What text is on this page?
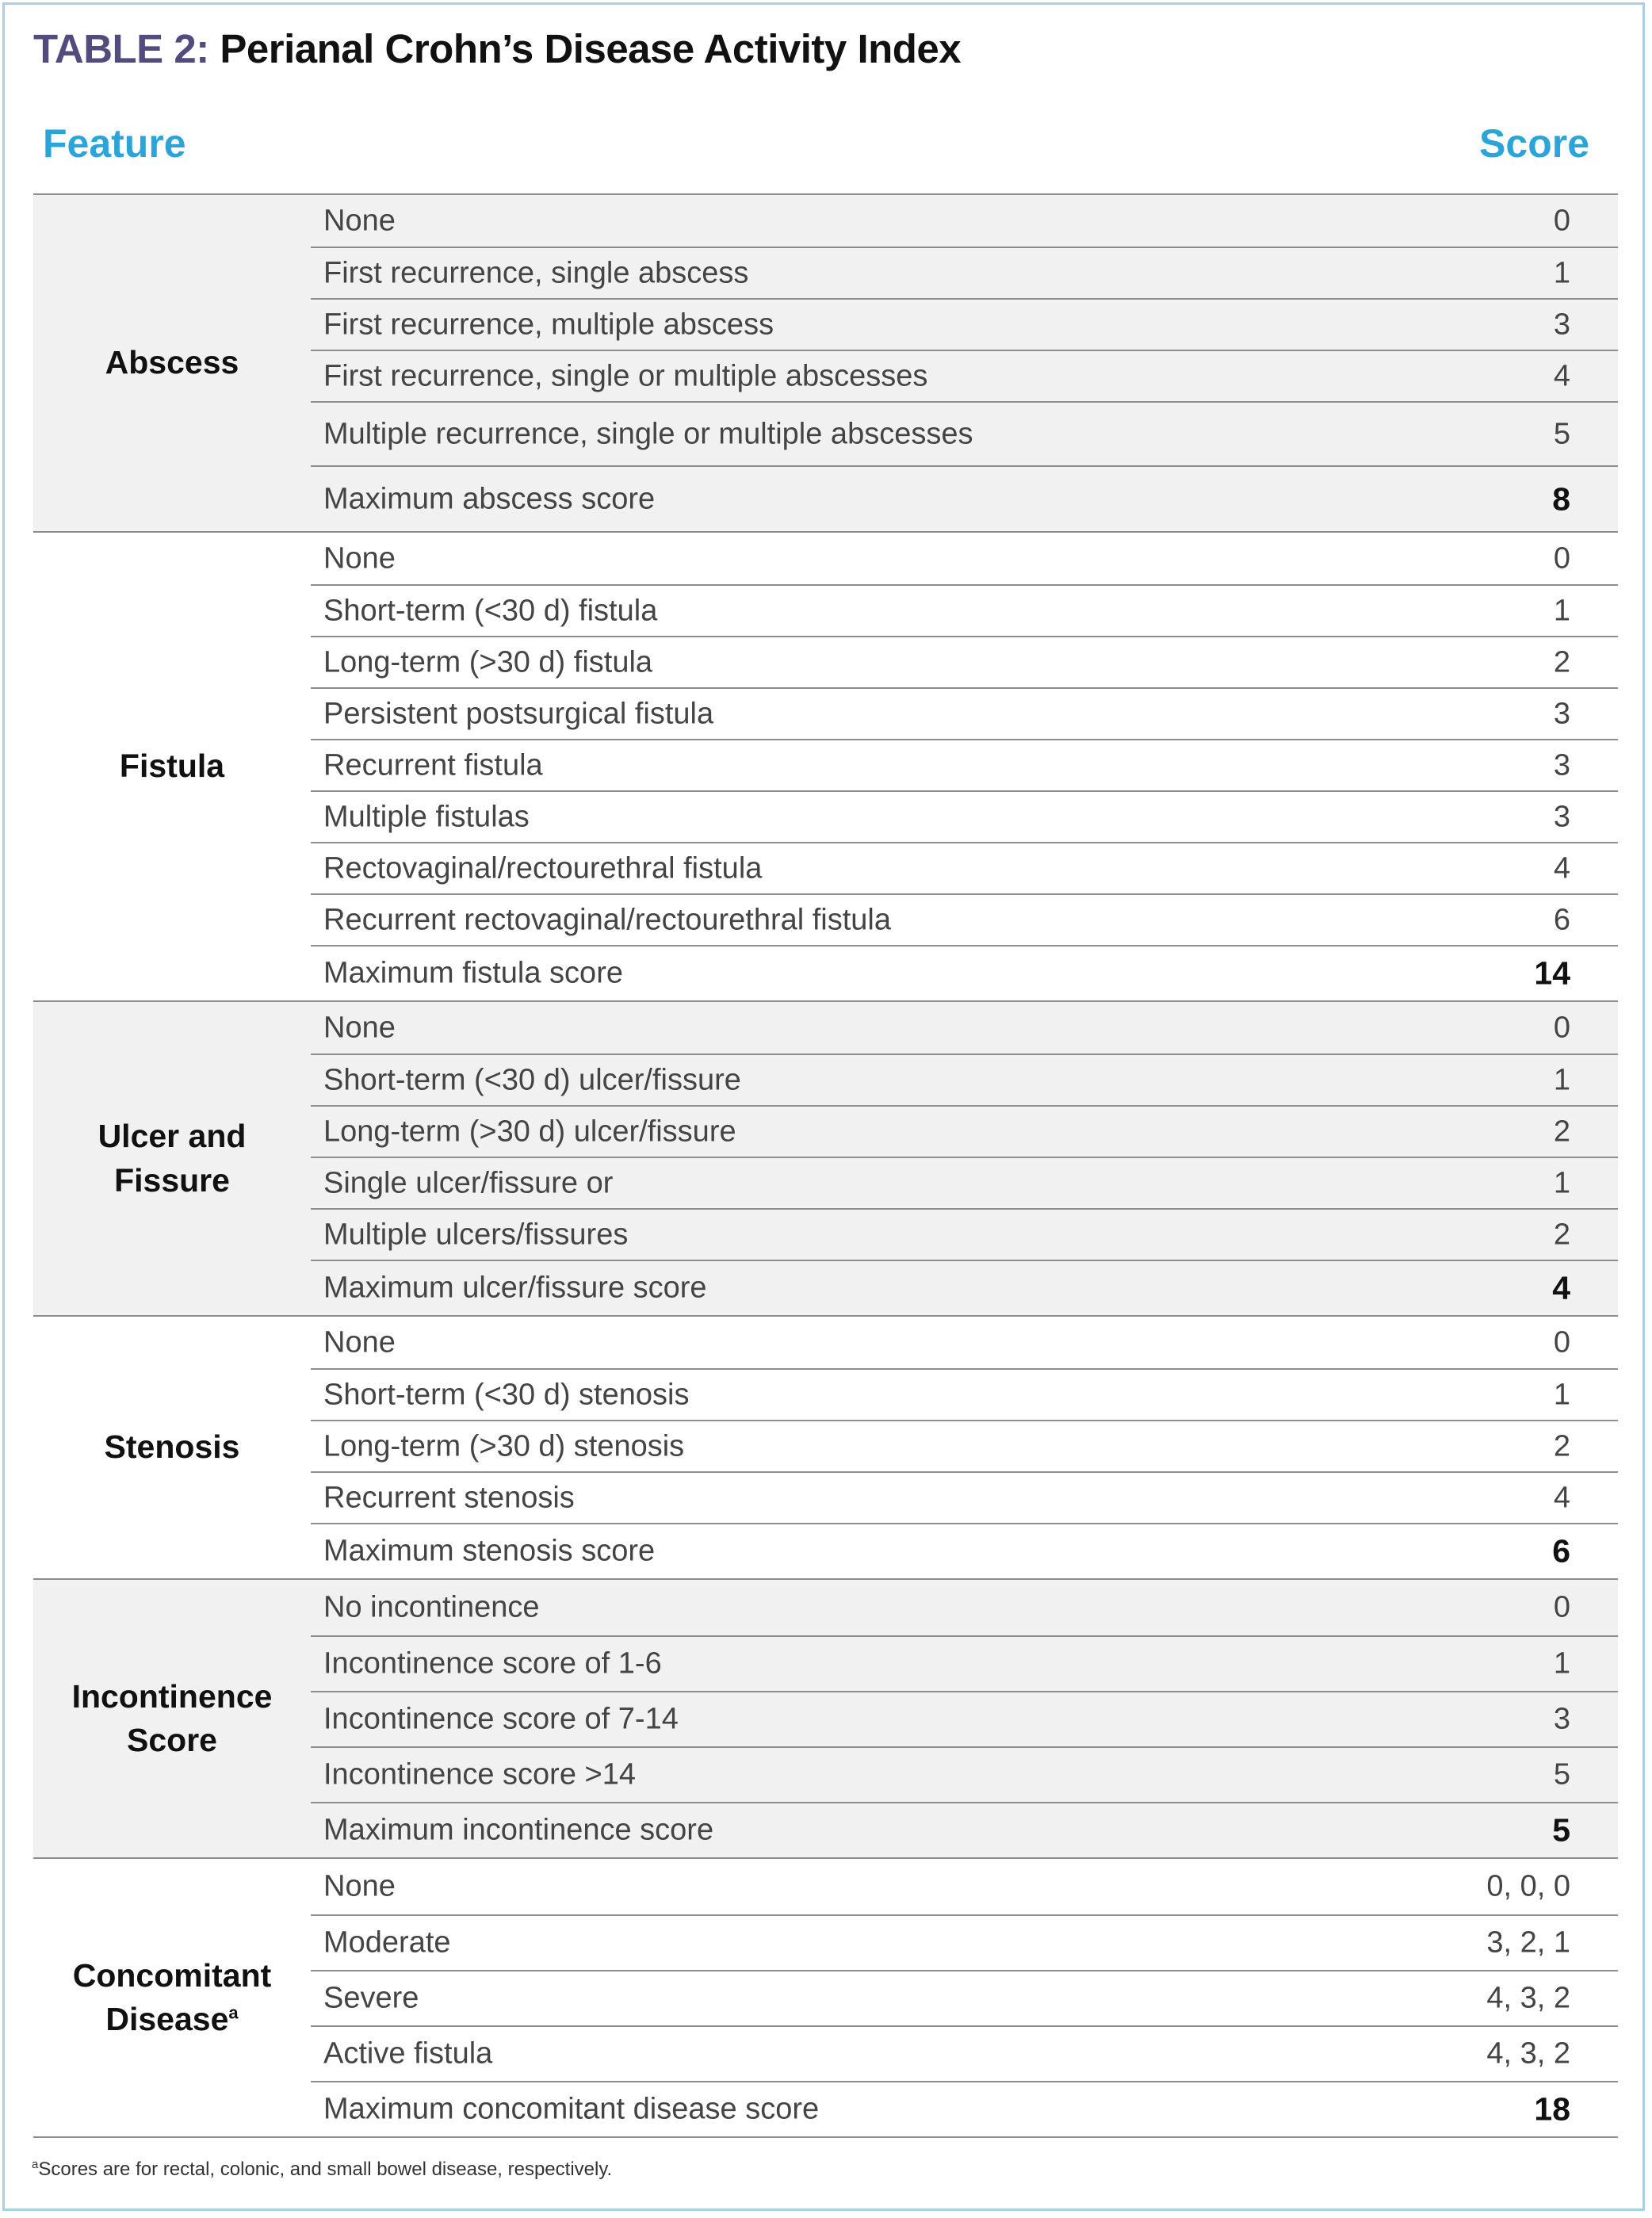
TABLE 2: Perianal Crohn’s Disease Activity Index
Feature	Score
Abscess
None	0
First recurrence, single abscess	1
First recurrence, multiple abscess	3
First recurrence, single or multiple abscesses	4
Multiple recurrence, single or multiple abscesses	5
Maximum abscess score	8
Fistula
None	0
Short-term (<30 d) fistula	1
Long-term (>30 d) fistula	2
Persistent postsurgical fistula	3
Recurrent fistula	3
Multiple fistulas	3
Rectovaginal/rectourethral fistula	4
Recurrent rectovaginal/rectourethral fistula	6
Maximum fistula score	14
Ulcer and
Fissure
None	0
Short-term (<30 d) ulcer/fissure	1
Long-term (>30 d) ulcer/fissure	2
Single ulcer/fissure or	1
Multiple ulcers/fissures	2
Maximum ulcer/fissure score	4
Stenosis
None	0
Short-term (<30 d) stenosis	1
Long-term (>30 d) stenosis	2
Recurrent stenosis	4
Maximum stenosis score	6
Incontinence
Score
No incontinence	0
Incontinence score of 1-6	1
Incontinence score of 7-14	3
Incontinence score >14	5
Maximum incontinence score	5
Concomitant
Disease$^a$
None	0, 0, 0
Moderate	3, 2, 1
Severe	4, 3, 2
Active fistula	4, 3, 2
Maximum concomitant disease score	18
$^a$Scores are for rectal, colonic, and small bowel disease, respectively.
